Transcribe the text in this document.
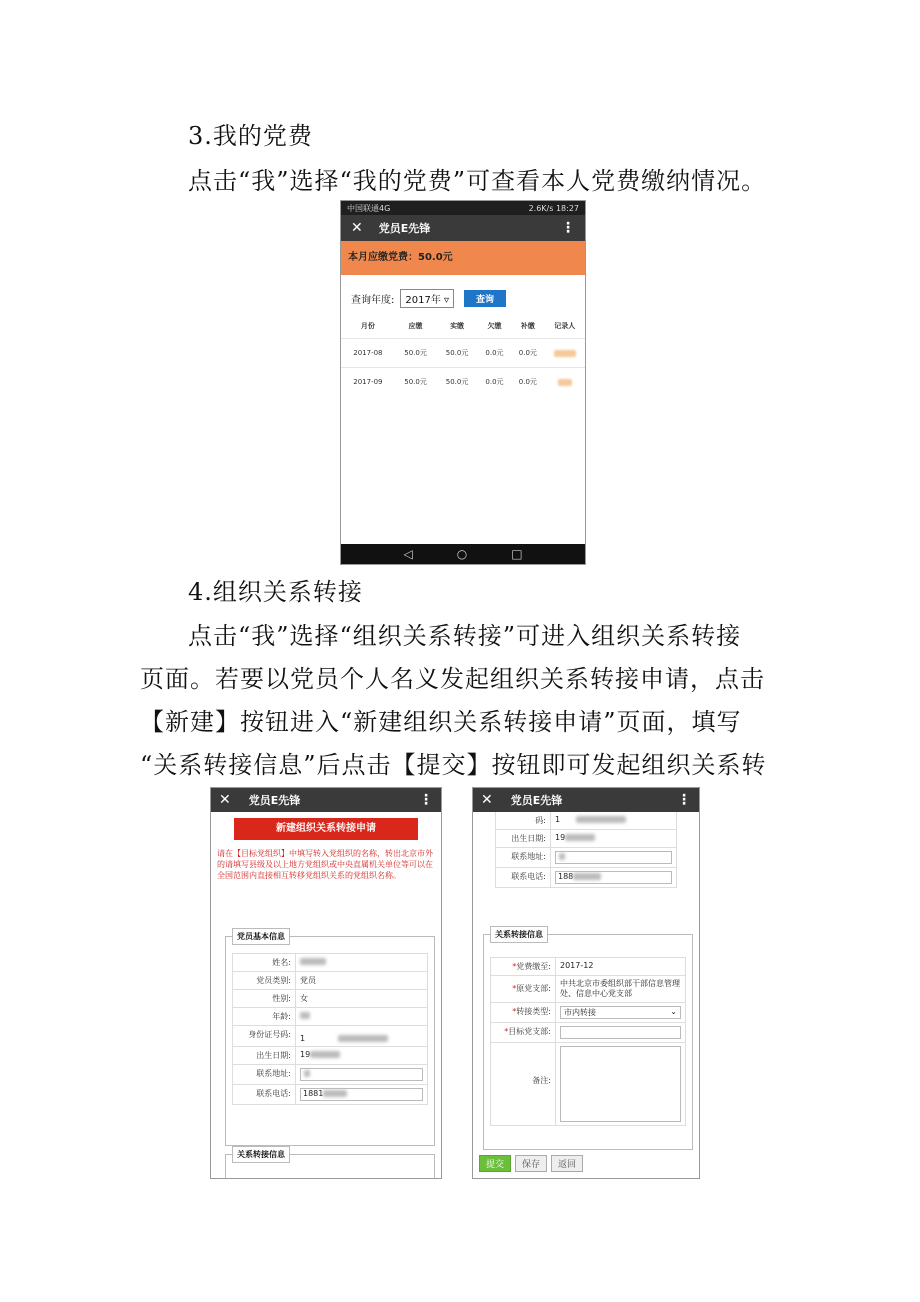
3.我的党费
点击“我”选择“我的党费”可查看本人党费缴纳情况。
中国联通4G	2.6K/s 18:27
✕ 党员E先锋	⋮
本月应缴党费：50.0元
查询年度:	2017年 ▿	查询
月份	应缴	实缴	欠缴	补缴	记录人
2017-08	50.0元	50.0元	0.0元	0.0元	
2017-09	50.0元	50.0元	0.0元	0.0元	
◁	○	□
4.组织关系转接
点击“我”选择“组织关系转接”可进入组织关系转接
页面。若要以党员个人名义发起组织关系转接申请，点击
【新建】按钮进入“新建组织关系转接申请”页面，填写
“关系转接信息”后点击【提交】按钮即可发起组织关系转
✕ 党员E先锋	⋮
新建组织关系转接申请
请在【目标党组织】中填写转入党组织的名称，转出北京市外的请填写县级及以上地方党组织或中央直属机关单位等可以在全国范围内直接相互转移党组织关系的党组织名称。
党员基本信息
姓名:
党员类别:	党员
性别:	女
年龄:
身份证号码:	1
出生日期:	19
联系地址:
联系电话:	1881
关系转接信息
✕ 党员E先锋	⋮
码:	1
出生日期:	19
联系地址:
联系电话:	188
关系转接信息
*党费缴至:	2017-12
*原党支部:
中共北京市委组织部干部信息管理处、信息中心党支部
*转接类型:	市内转接	⌄
*目标党支部:
备注:
提交	保存	返回
